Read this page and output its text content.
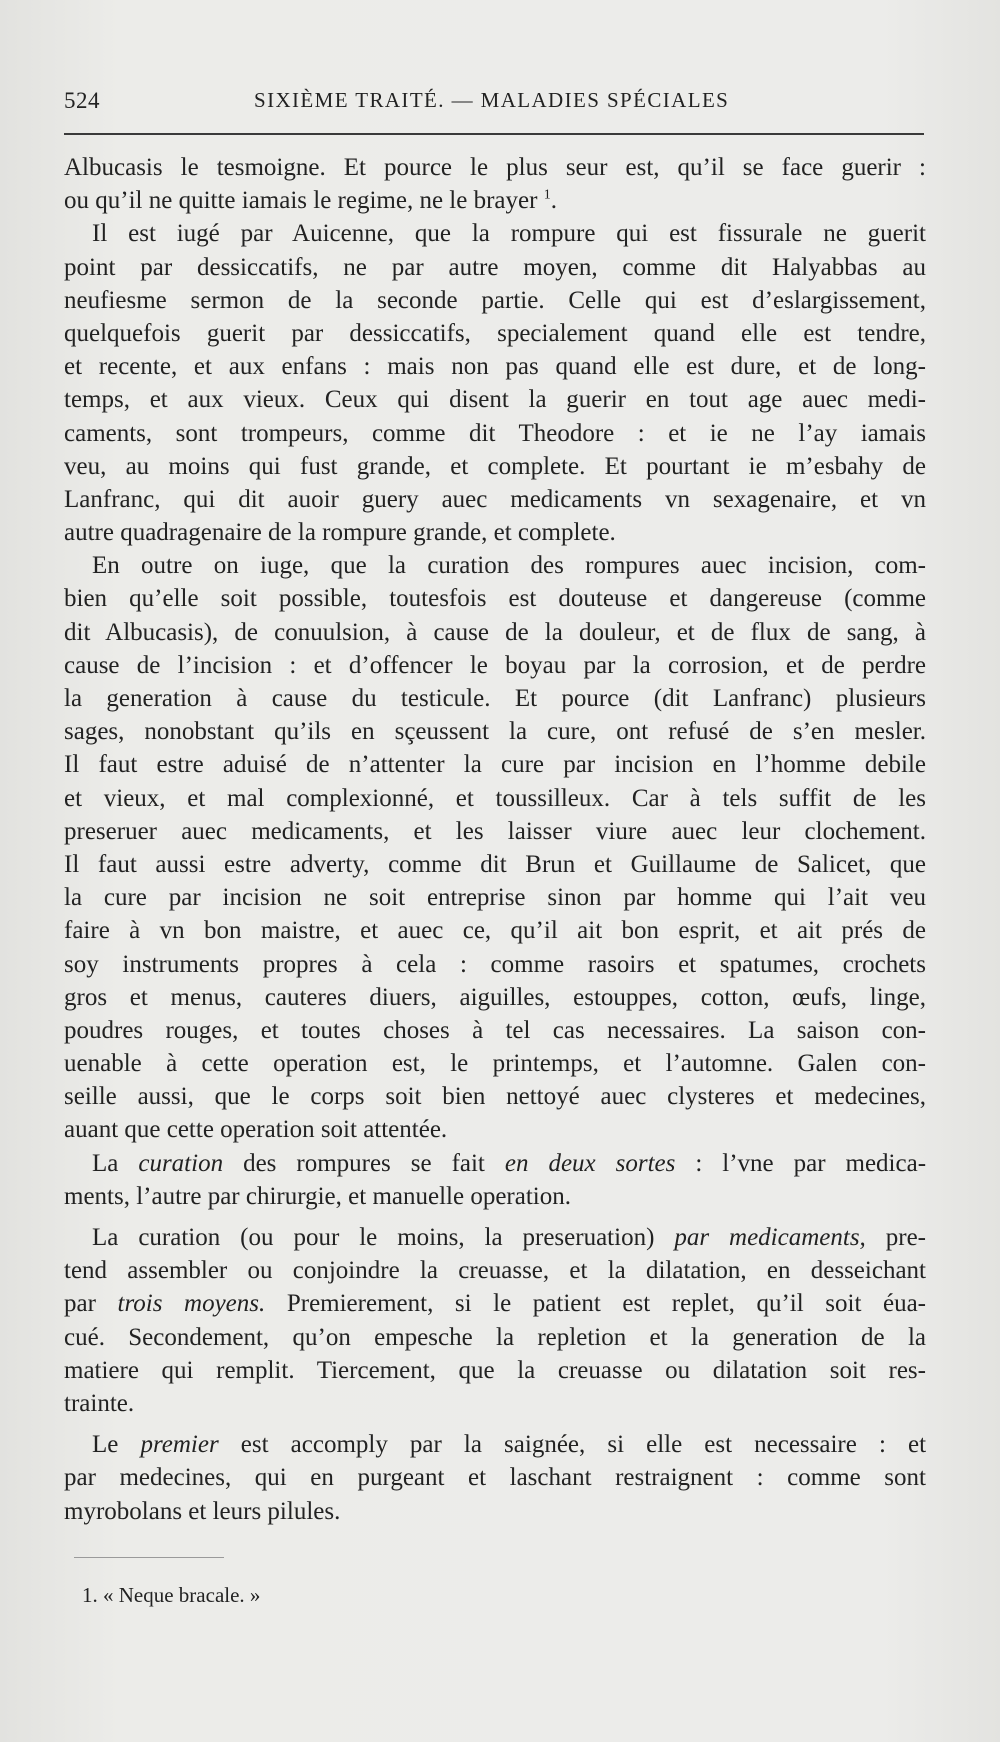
524	SIXIÈME TRAITÉ. — MALADIES SPÉCIALES
Albucasis le tesmoigne. Et pource le plus seur est, qu’il se face guerir :
ou qu’il ne quitte iamais le regime, ne le brayer $^1$.
Il est iugé par Auicenne, que la rompure qui est fissurale ne guerit
point par dessiccatifs, ne par autre moyen, comme dit Halyabbas au
neufiesme sermon de la seconde partie. Celle qui est d’eslargissement,
quelquefois guerit par dessiccatifs, specialement quand elle est tendre,
et recente, et aux enfans : mais non pas quand elle est dure, et de long-
temps, et aux vieux. Ceux qui disent la guerir en tout age auec medi-
caments, sont trompeurs, comme dit Theodore : et ie ne l’ay iamais
veu, au moins qui fust grande, et complete. Et pourtant ie m’esbahy de
Lanfranc, qui dit auoir guery auec medicaments vn sexagenaire, et vn
autre quadragenaire de la rompure grande, et complete.
En outre on iuge, que la curation des rompures auec incision, com-
bien qu’elle soit possible, toutesfois est douteuse et dangereuse (comme
dit Albucasis), de conuulsion, à cause de la douleur, et de flux de sang, à
cause de l’incision : et d’offencer le boyau par la corrosion, et de perdre
la generation à cause du testicule. Et pource (dit Lanfranc) plusieurs
sages, nonobstant qu’ils en sçeussent la cure, ont refusé de s’en mesler.
Il faut estre aduisé de n’attenter la cure par incision en l’homme debile
et vieux, et mal complexionné, et toussilleux. Car à tels suffit de les
preseruer auec medicaments, et les laisser viure auec leur clochement.
Il faut aussi estre adverty, comme dit Brun et Guillaume de Salicet, que
la cure par incision ne soit entreprise sinon par homme qui l’ait veu
faire à vn bon maistre, et auec ce, qu’il ait bon esprit, et ait prés de
soy instruments propres à cela : comme rasoirs et spatumes, crochets
gros et menus, cauteres diuers, aiguilles, estouppes, cotton, œufs, linge,
poudres rouges, et toutes choses à tel cas necessaires. La saison con-
uenable à cette operation est, le printemps, et l’automne. Galen con-
seille aussi, que le corps soit bien nettoyé auec clysteres et medecines,
auant que cette operation soit attentée.
La curation des rompures se fait en deux sortes : l’vne par medica-
ments, l’autre par chirurgie, et manuelle operation.
La curation (ou pour le moins, la preseruation) par medicaments, pre-
tend assembler ou conjoindre la creuasse, et la dilatation, en desseichant
par trois moyens. Premierement, si le patient est replet, qu’il soit éua-
cué. Secondement, qu’on empesche la repletion et la generation de la
matiere qui remplit. Tiercement, que la creuasse ou dilatation soit res-
trainte.
Le premier est accomply par la saignée, si elle est necessaire : et
par medecines, qui en purgeant et laschant restraignent : comme sont
myrobolans et leurs pilules.
1. « Neque bracale. »
